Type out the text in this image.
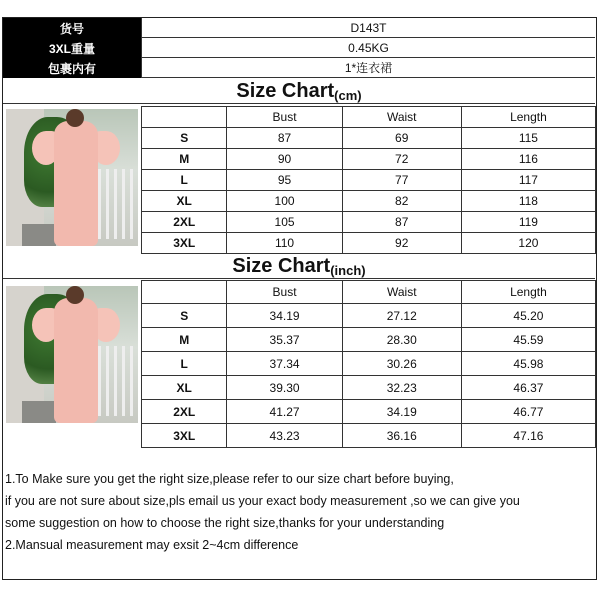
货号	D143T
3XL重量	0.45KG
包裹内有	1*连衣裙
Size Chart (cm)
	Bust	Waist	Length
S	87	69	115
M	90	72	116
L	95	77	117
XL	100	82	118
2XL	105	87	119
3XL	110	92	120
Size Chart (inch)
	Bust	Waist	Length
S	34.19	27.12	45.20
M	35.37	28.30	45.59
L	37.34	30.26	45.98
XL	39.30	32.23	46.37
2XL	41.27	34.19	46.77
3XL	43.23	36.16	47.16

1.To Make sure you get the right size,please refer to our size chart before buying,

if you are not sure about size,pls email us your exact body measurement ,so we can give you

some suggestion on how to choose the right size,thanks for your understanding

2.Mansual measurement may exsit 2~4cm difference
